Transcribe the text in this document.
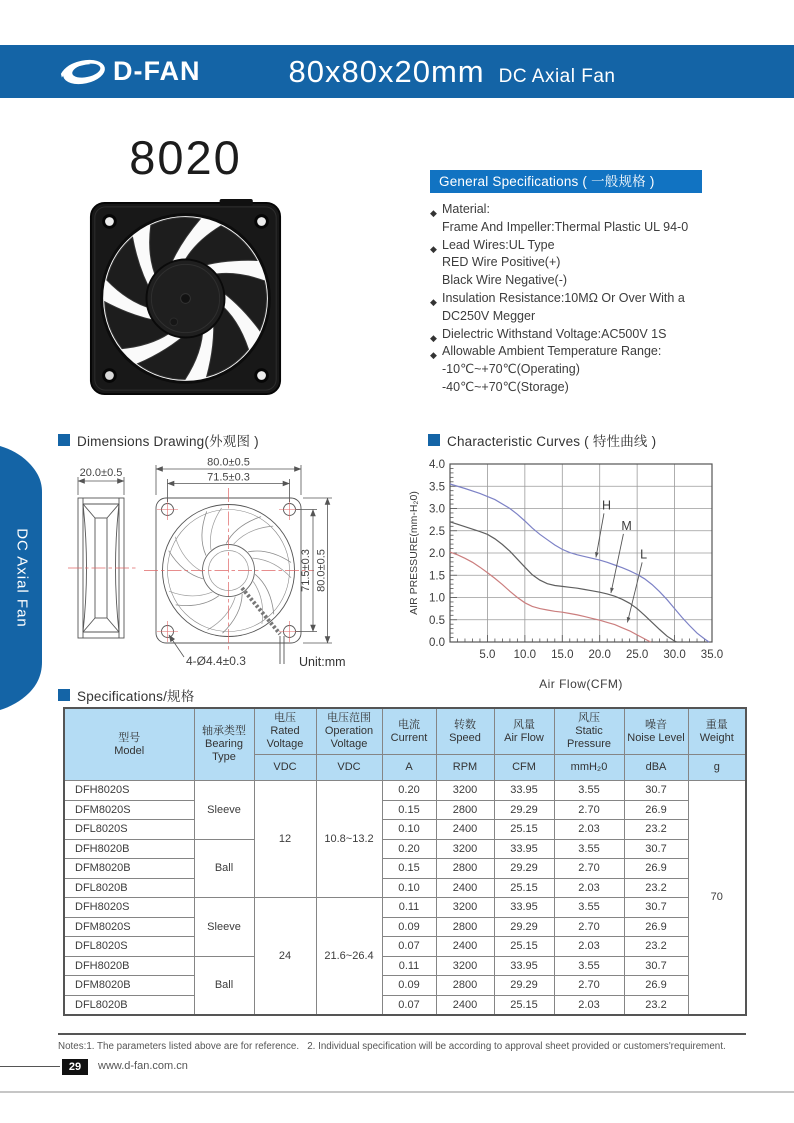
D-FAN	80x80x20mm DC Axial Fan
DC Axial Fan
8020	General Specifications ( 一般规格 )
◆ Material:
Frame And Impeller:Thermal Plastic UL 94-0
◆ Lead Wires:UL Type
RED Wire Positive(+)
Black Wire Negative(-)
◆ Insulation Resistance:10MΩ Or Over With a
DC250V Megger
◆ Dielectric Withstand Voltage:AC500V 1S
◆ Allowable Ambient Temperature Range:
-10℃~+70℃(Operating)
-40℃~+70℃(Storage)
Dimensions Drawing(外观图 )	Characteristic Curves ( 特性曲线 )
20.0±0.5
80.0±0.5
71.5±0.3
71.5±0.3 80.0±0.5
4-Ø4.4±0.3	Unit:mm	5.0 10.0 15.0 20.0 25.0 30.0 35.0
0.0
0.5
1.0
1.5
2.0
2.5
3.0
3.5
4.0
H
M
L
Air Flow(CFM)
AIR PRESSURE(mm-H₂0)
Specifications/规格
型号
Model

轴承类型
Bearing Type

电压
Rated Voltage

电压范围
Operation Voltage

电流
Current

转数
Speed

风量
Air Flow

风压
Static Pressure

噪音
Noise Level

重量
Weight

		VDC	VDC	A	RPM	CFM	mmH₂0	dBA	g
DFH8020S	Sleeve	12	10.8~13.2	0.20	3200	33.95	3.55	30.7	70
DFM8020S				0.15	2800	29.29	2.70	26.9	
DFL8020S				0.10	2400	25.15	2.03	23.2	
DFH8020B	Ball			0.20	3200	33.95	3.55	30.7	
DFM8020B				0.15	2800	29.29	2.70	26.9	
DFL8020B				0.10	2400	25.15	2.03	23.2	
DFH8020S	Sleeve	24	21.6~26.4	0.11	3200	33.95	3.55	30.7	
DFM8020S				0.09	2800	29.29	2.70	26.9	
DFL8020S				0.07	2400	25.15	2.03	23.2	
DFH8020B	Ball			0.11	3200	33.95	3.55	30.7	
DFM8020B				0.09	2800	29.29	2.70	26.9	
DFL8020B				0.07	2400	25.15	2.03	23.2	
Notes:1. The parameters listed above are for reference.   2. Individual specification will be according to approval sheet provided or customers'requirement.
29	www.d-fan.com.cn
